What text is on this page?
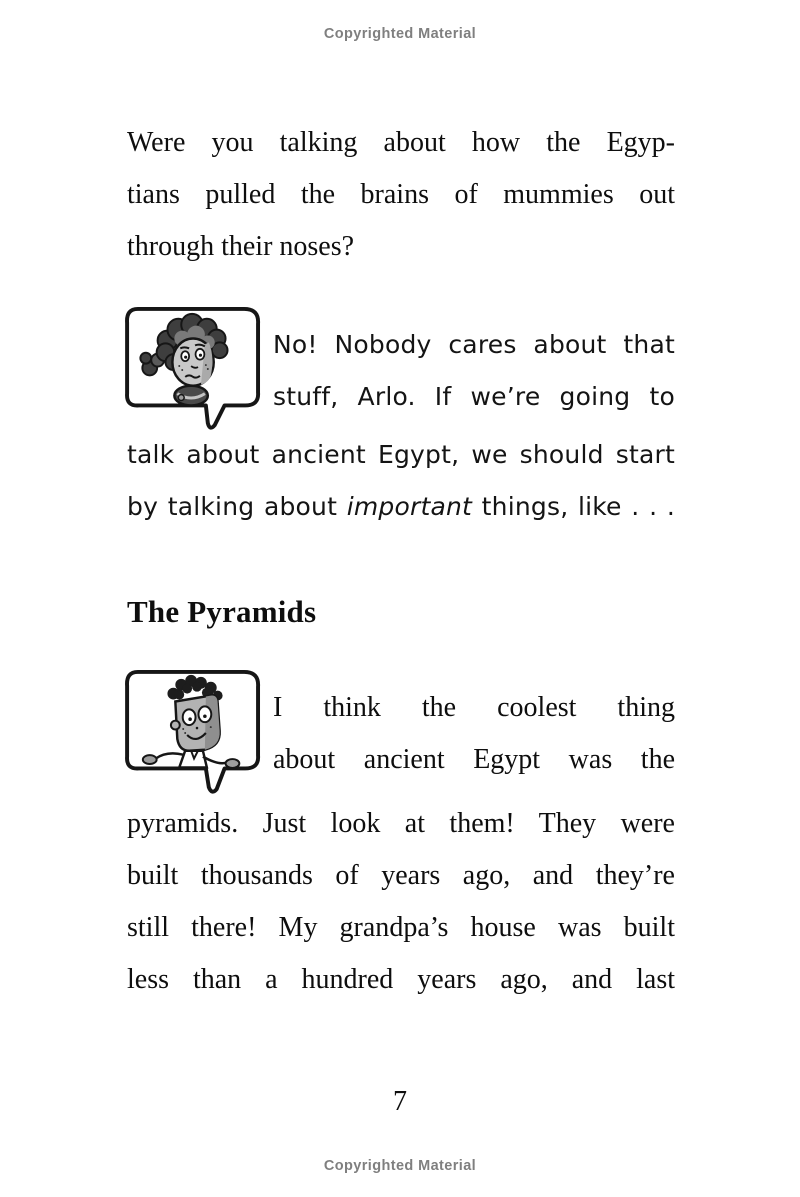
Copyrighted Material
Were you talking about how the Egyp-
tians pulled the brains of mummies out
through their noses?
No! Nobody cares about that
stuff, Arlo. If we’re going to
talk about ancient Egypt, we should start
by talking about important things, like . . .
The Pyramids
I think the coolest thing
about ancient Egypt was the
pyramids. Just look at them! They were
built thousands of years ago, and they’re
still there! My grandpa’s house was built
less than a hundred years ago, and last
7
Copyrighted Material
